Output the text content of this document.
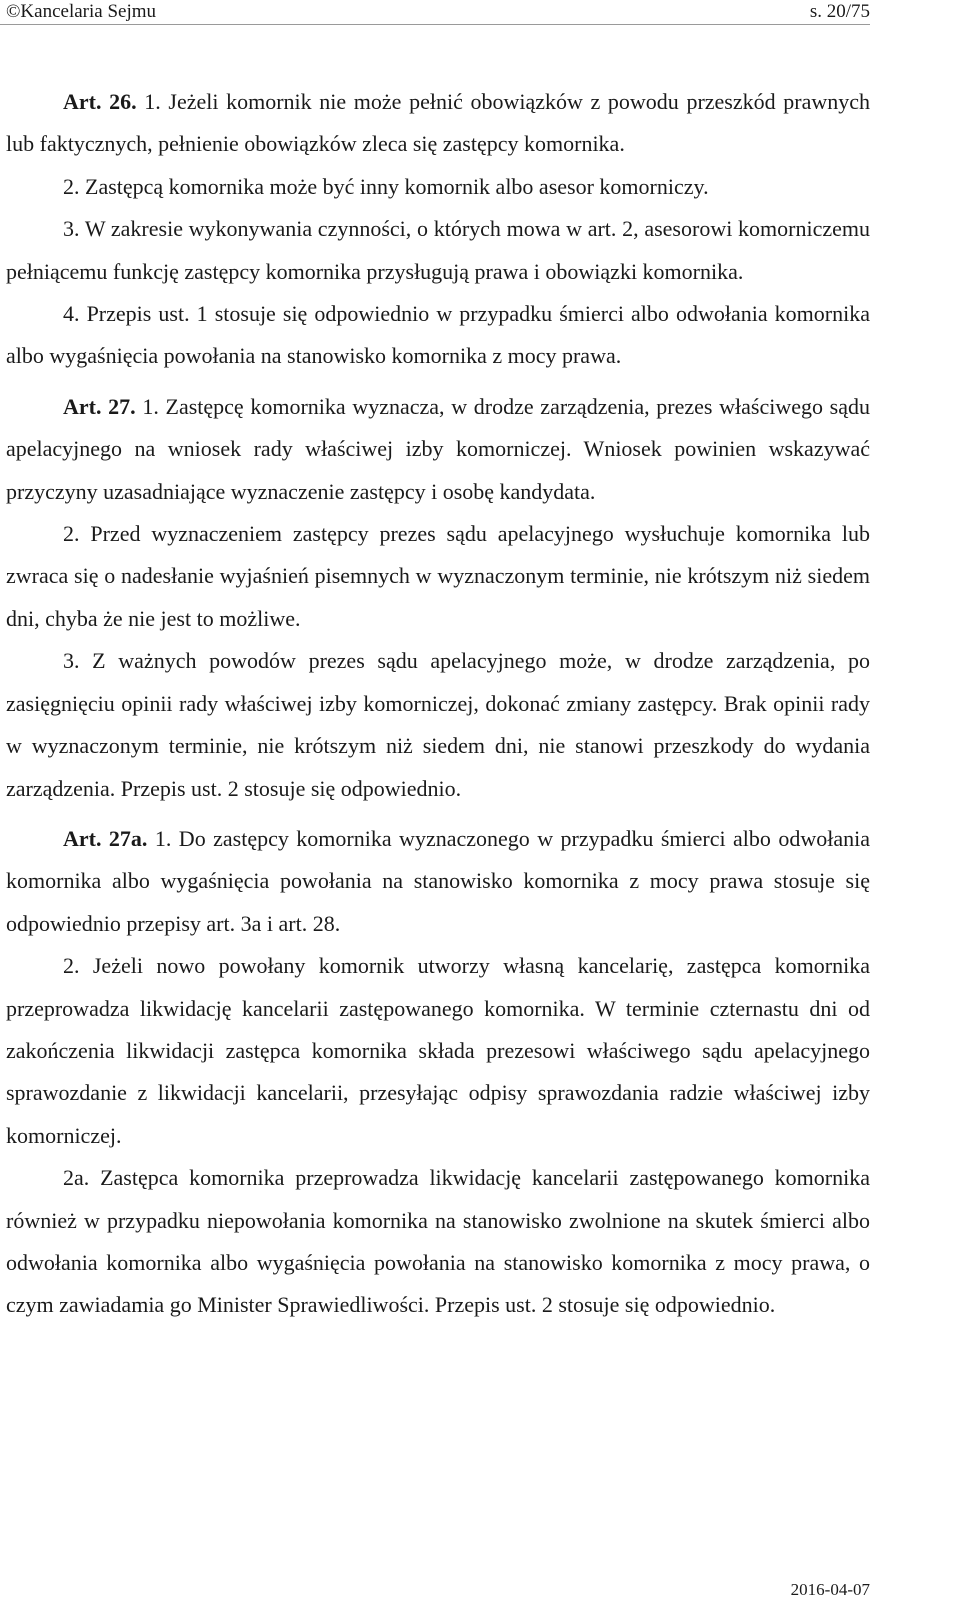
©Kancelaria Sejmu	s. 20/75

Art. 26. 1. Jeżeli komornik nie może pełnić obowiązków z powodu przeszkód prawnych lub faktycznych, pełnienie obowiązków zleca się zastępcy komornika.

2. Zastępcą komornika może być inny komornik albo asesor komorniczy.

3. W zakresie wykonywania czynności, o których mowa w art. 2, asesorowi komorniczemu pełniącemu funkcję zastępcy komornika przysługują prawa i obowiązki komornika.

4. Przepis ust. 1 stosuje się odpowiednio w przypadku śmierci albo odwołania komornika albo wygaśnięcia powołania na stanowisko komornika z mocy prawa.

Art. 27. 1. Zastępcę komornika wyznacza, w drodze zarządzenia, prezes właściwego sądu apelacyjnego na wniosek rady właściwej izby komorniczej. Wniosek powinien wskazywać przyczyny uzasadniające wyznaczenie zastępcy i osobę kandydata.

2. Przed wyznaczeniem zastępcy prezes sądu apelacyjnego wysłuchuje komornika lub zwraca się o nadesłanie wyjaśnień pisemnych w wyznaczonym terminie, nie krótszym niż siedem dni, chyba że nie jest to możliwe.

3. Z ważnych powodów prezes sądu apelacyjnego może, w drodze zarządzenia, po zasięgnięciu opinii rady właściwej izby komorniczej, dokonać zmiany zastępcy. Brak opinii rady w wyznaczonym terminie, nie krótszym niż siedem dni, nie stanowi przeszkody do wydania zarządzenia. Przepis ust. 2 stosuje się odpowiednio.

Art. 27a. 1. Do zastępcy komornika wyznaczonego w przypadku śmierci albo odwołania komornika albo wygaśnięcia powołania na stanowisko komornika z mocy prawa stosuje się odpowiednio przepisy art. 3a i art. 28.

2. Jeżeli nowo powołany komornik utworzy własną kancelarię, zastępca komornika przeprowadza likwidację kancelarii zastępowanego komornika. W terminie czternastu dni od zakończenia likwidacji zastępca komornika składa prezesowi właściwego sądu apelacyjnego sprawozdanie z likwidacji kancelarii, przesyłając odpisy sprawozdania radzie właściwej izby komorniczej.

2a. Zastępca komornika przeprowadza likwidację kancelarii zastępowanego komornika również w przypadku niepowołania komornika na stanowisko zwolnione na skutek śmierci albo odwołania komornika albo wygaśnięcia powołania na stanowisko komornika z mocy prawa, o czym zawiadamia go Minister Sprawiedliwości. Przepis ust. 2 stosuje się odpowiednio.

2016-04-07
